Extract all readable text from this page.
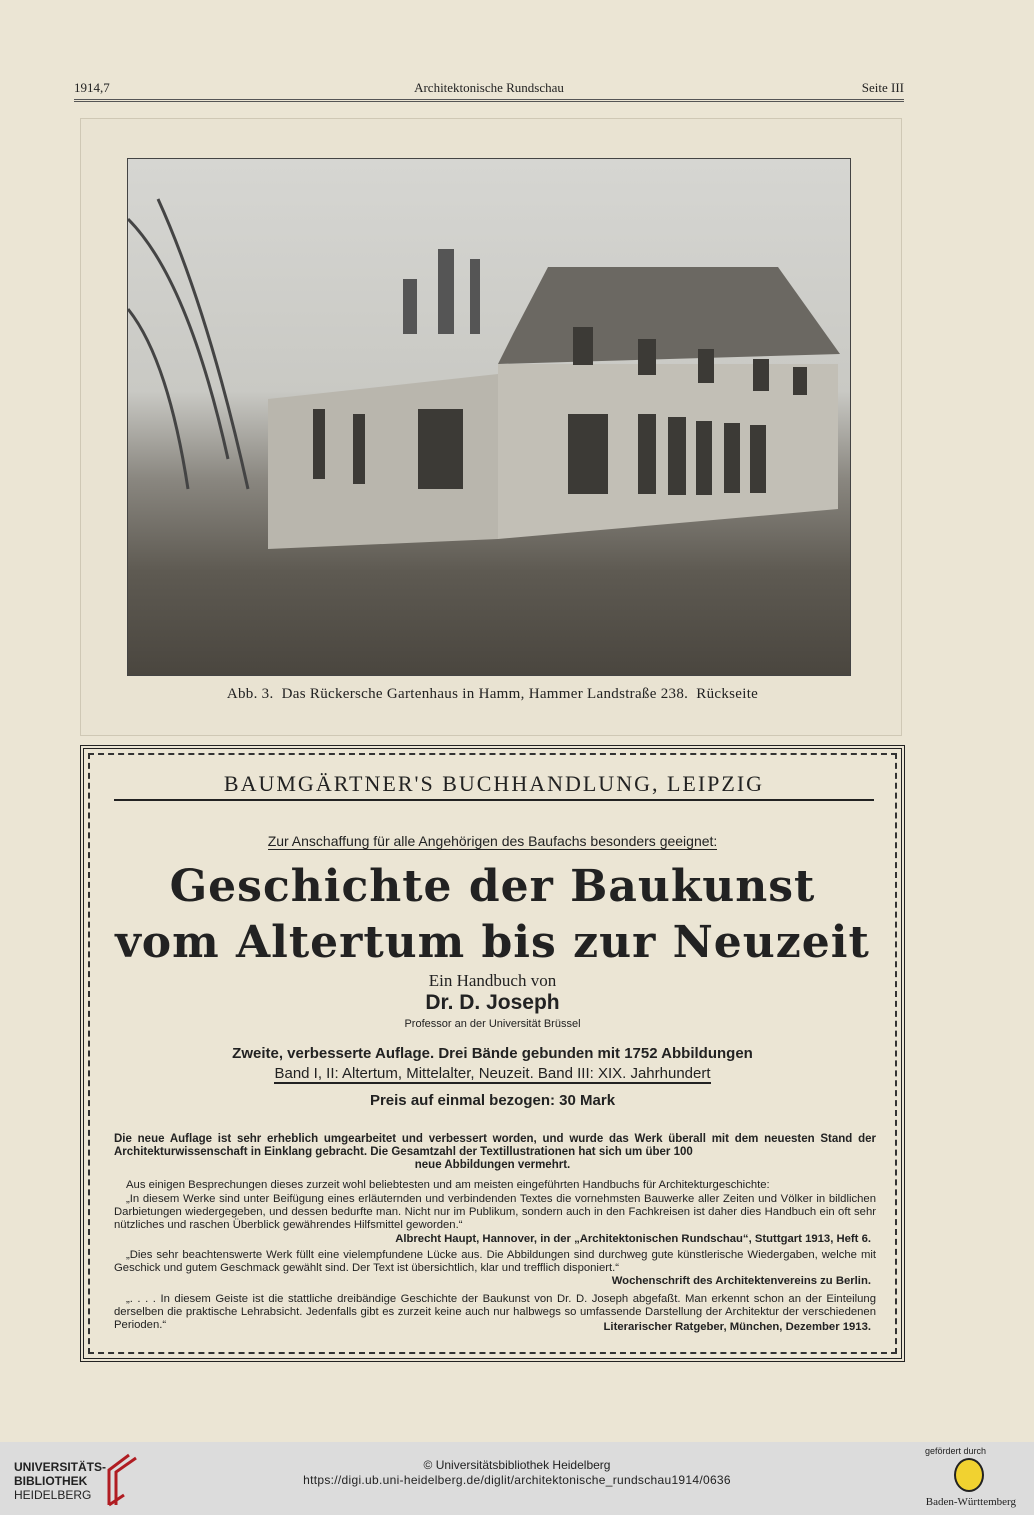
1914,7	Architektonische Rundschau	Seite III
Abb. 3.  Das Rückersche Gartenhaus in Hamm, Hammer Landstraße 238.  Rückseite
BAUMGÄRTNER'S BUCHHANDLUNG, LEIPZIG
Zur Anschaffung für alle Angehörigen des Baufachs besonders geeignet:
Geschichte der Baukunst
vom Altertum bis zur Neuzeit
Ein Handbuch von
Dr. D. Joseph
Professor an der Universität Brüssel
Zweite, verbesserte Auflage. Drei Bände gebunden mit 1752 Abbildungen
Band I, II: Altertum, Mittelalter, Neuzeit. Band III: XIX. Jahrhundert
Preis auf einmal bezogen: 30 Mark
Die neue Auflage ist sehr erheblich umgearbeitet und verbessert worden, und wurde das Werk überall mit dem neuesten Stand der Architekturwissenschaft in Einklang gebracht. Die Gesamtzahl der Textillustrationen hat sich um über 100
neue Abbildungen vermehrt.
Aus einigen Besprechungen dieses zurzeit wohl beliebtesten und am meisten eingeführten Handbuchs für Architekturgeschichte:
„In diesem Werke sind unter Beifügung eines erläuternden und verbindenden Textes die vornehmsten Bauwerke aller Zeiten und Völker in bildlichen Darbietungen wiedergegeben, und dessen bedurfte man. Nicht nur im Publikum, sondern auch in den Fachkreisen ist daher dies Handbuch ein oft sehr nützliches und raschen Überblick gewährendes Hilfsmittel geworden.“
Albrecht Haupt, Hannover, in der „Architektonischen Rundschau“, Stuttgart 1913, Heft 6.
„Dies sehr beachtenswerte Werk füllt eine vielempfundene Lücke aus. Die Abbildungen sind durchweg gute künstlerische Wiedergaben, welche mit Geschick und gutem Geschmack gewählt sind. Der Text ist übersichtlich, klar und trefflich disponiert.“
Wochenschrift des Architektenvereins zu Berlin.
„. . . . In diesem Geiste ist die stattliche dreibändige Geschichte der Baukunst von Dr. D. Joseph abgefaßt. Man erkennt schon an der Einteilung derselben die praktische Lehrabsicht. Jedenfalls gibt es zurzeit keine auch nur halbwegs so umfassende Darstellung der Architektur der verschiedenen Perioden.“	Literarischer Ratgeber, München, Dezember 1913.
UNIVERSITÄTS-
BIBLIOTHEK
HEIDELBERG
© Universitätsbibliothek Heidelberg
https://digi.ub.uni-heidelberg.de/diglit/architektonische_rundschau1914/0636
gefördert durch
Baden-Württemberg
